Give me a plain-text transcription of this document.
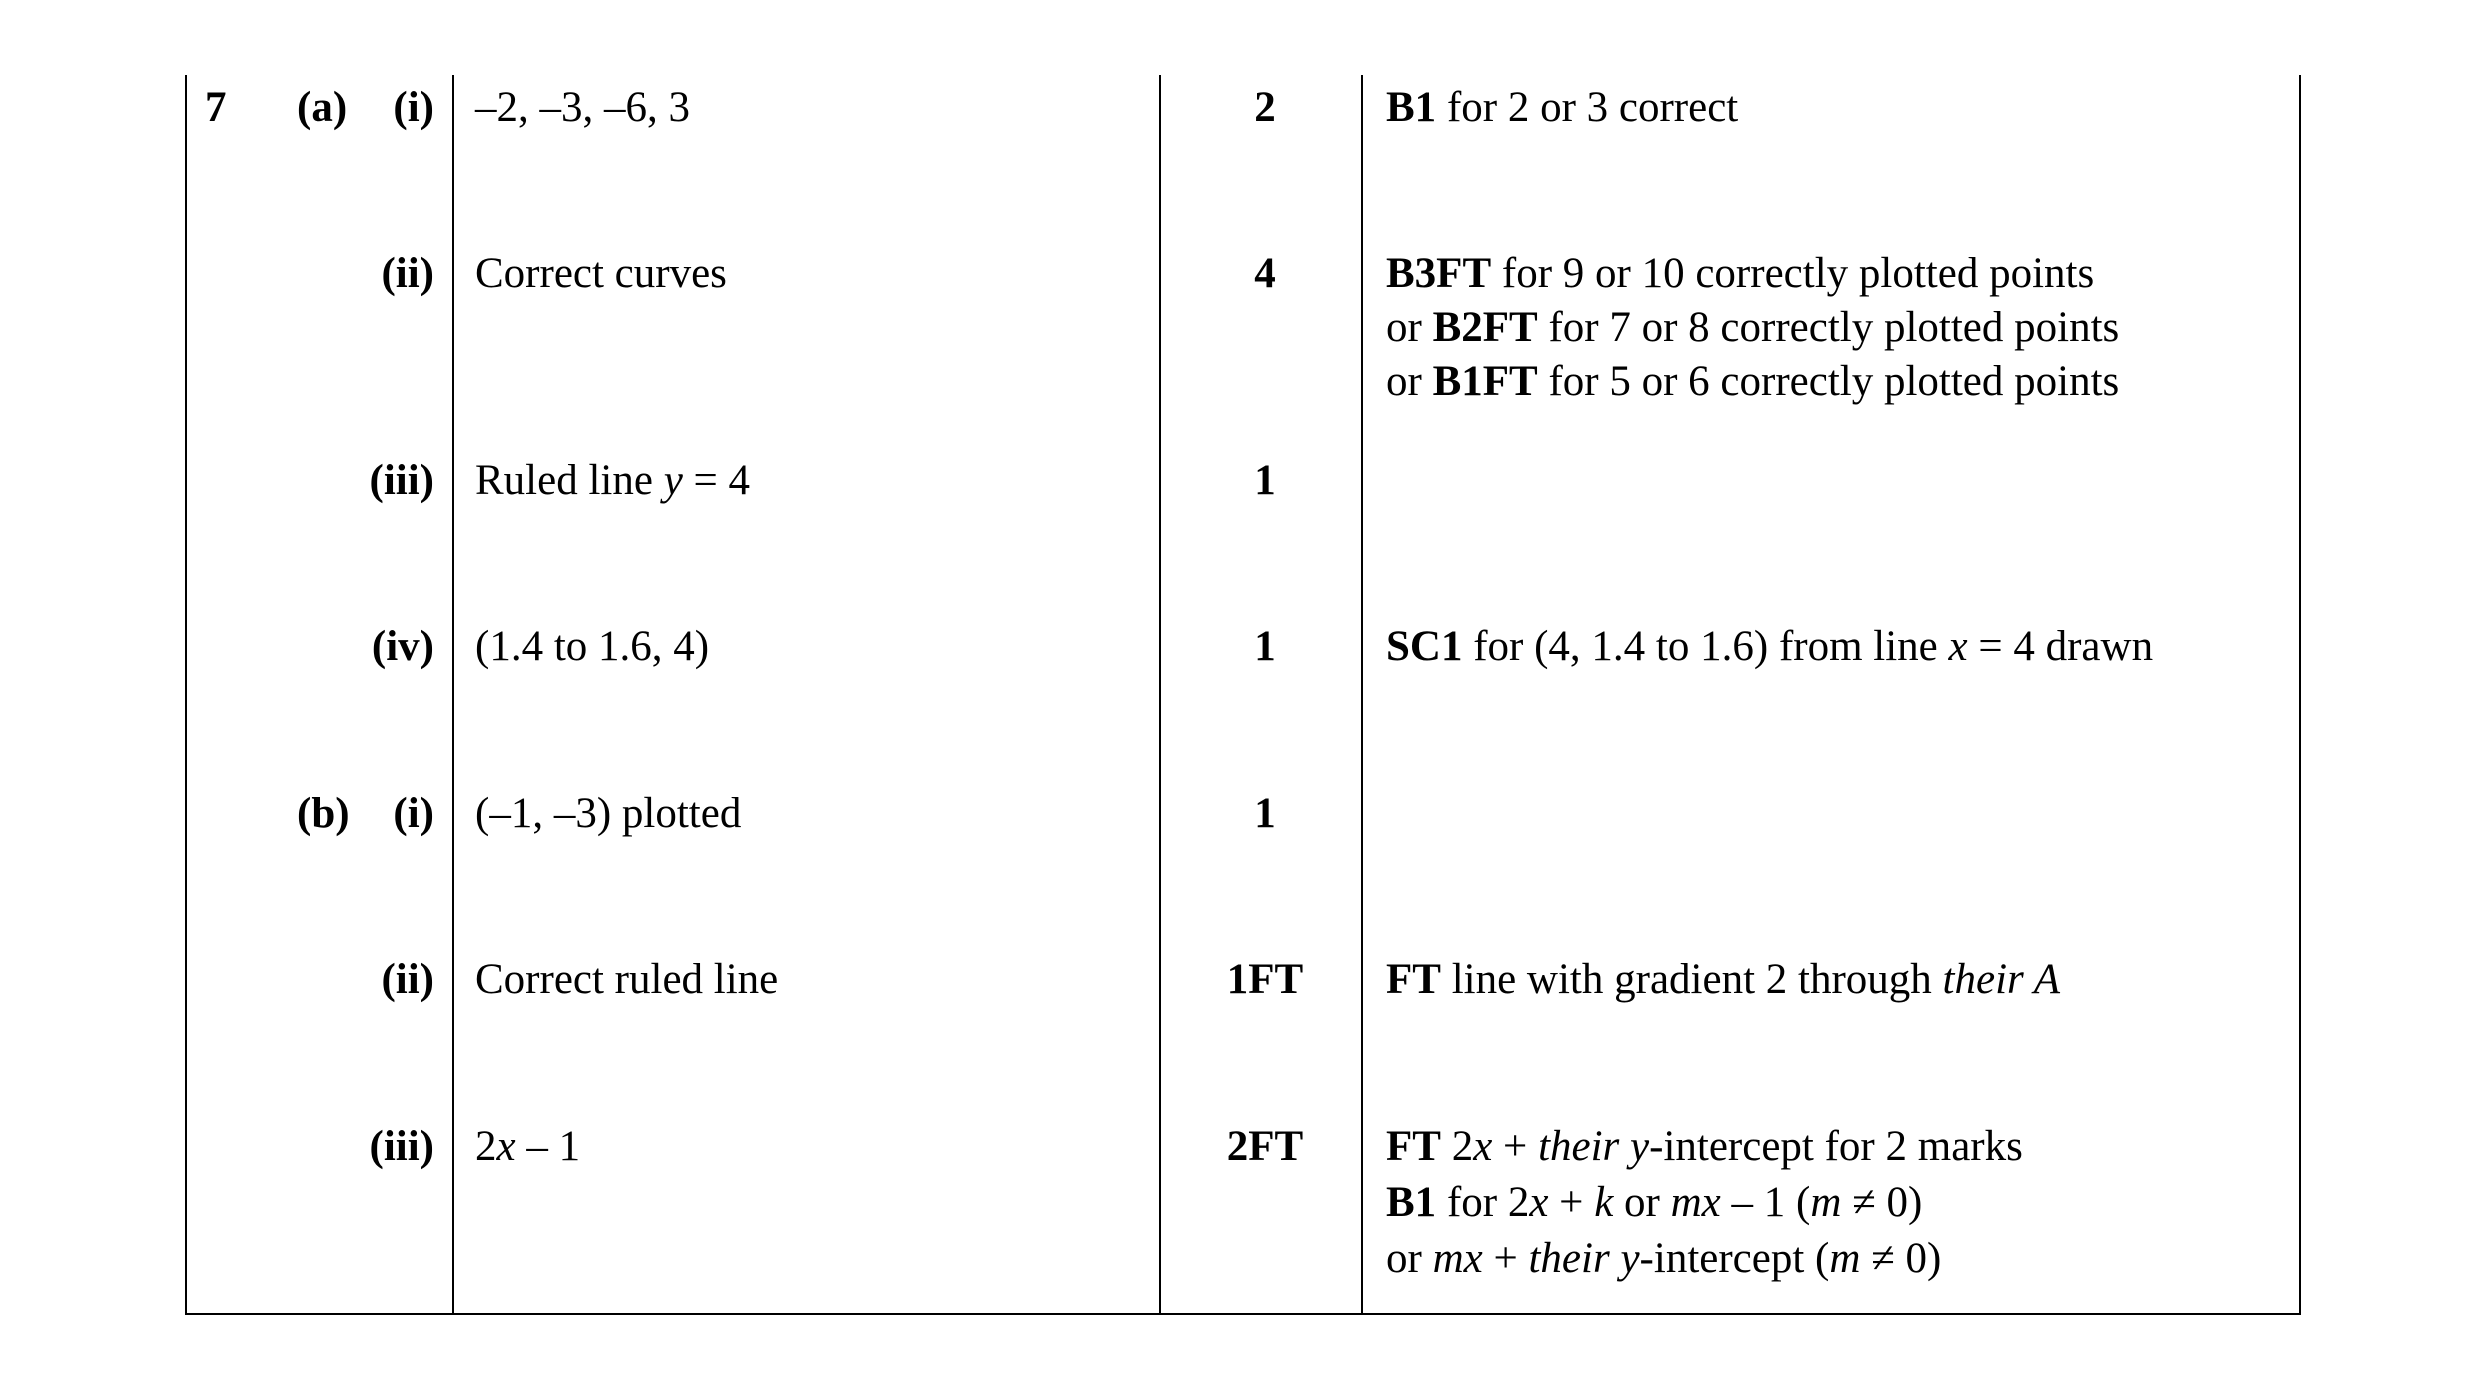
7 (a) (i) –2, –3, –6, 3	2	B1 for 2 or 3 correct
(ii) Correct curves	4	B3FT for 9 or 10 correctly plotted points
or B2FT for 7 or 8 correctly plotted points
or B1FT for 5 or 6 correctly plotted points
(iii) Ruled line y = 4	1
(iv) (1.4 to 1.6, 4)	1	SC1 for (4, 1.4 to 1.6) from line x = 4 drawn
(b) (i) (–1, –3) plotted	1
(ii) Correct ruled line	1FT	FT line with gradient 2 through their A
(iii) 2x – 1	2FT	FT 2x + their y-intercept for 2 marks
B1 for 2x + k or mx – 1 (m ≠ 0)
or mx + their y-intercept (m ≠ 0)
